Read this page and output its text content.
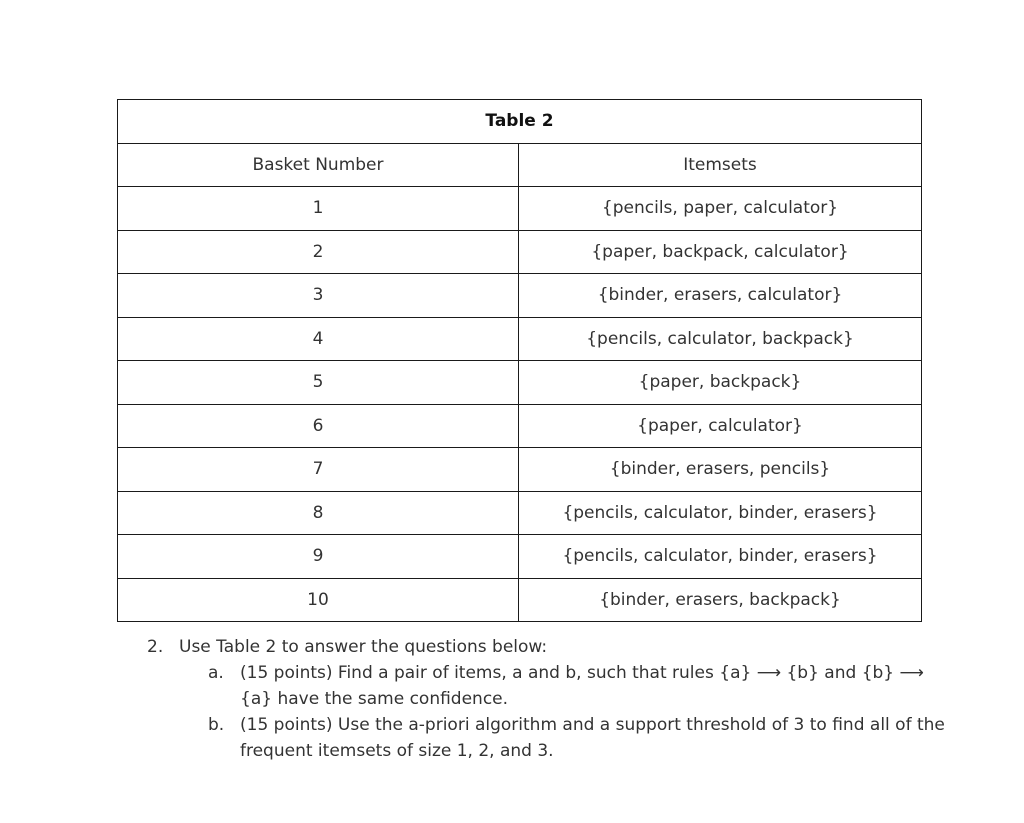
Table 2	
Basket Number	Itemsets
1	{pencils, paper, calculator}
2	{paper, backpack, calculator}
3	{binder, erasers, calculator}
4	{pencils, calculator, backpack}
5	{paper, backpack}
6	{paper, calculator}
7	{binder, erasers, pencils}
8	{pencils, calculator, binder, erasers}
9	{pencils, calculator, binder, erasers}
10	{binder, erasers, backpack}
2. Use Table 2 to answer the questions below:
a. (15 points) Find a pair of items, a and b, such that rules {a} ⟶ {b} and {b} ⟶ {a} have the same confidence.
b. (15 points) Use the a-priori algorithm and a support threshold of 3 to find all of the frequent itemsets of size 1, 2, and 3.
